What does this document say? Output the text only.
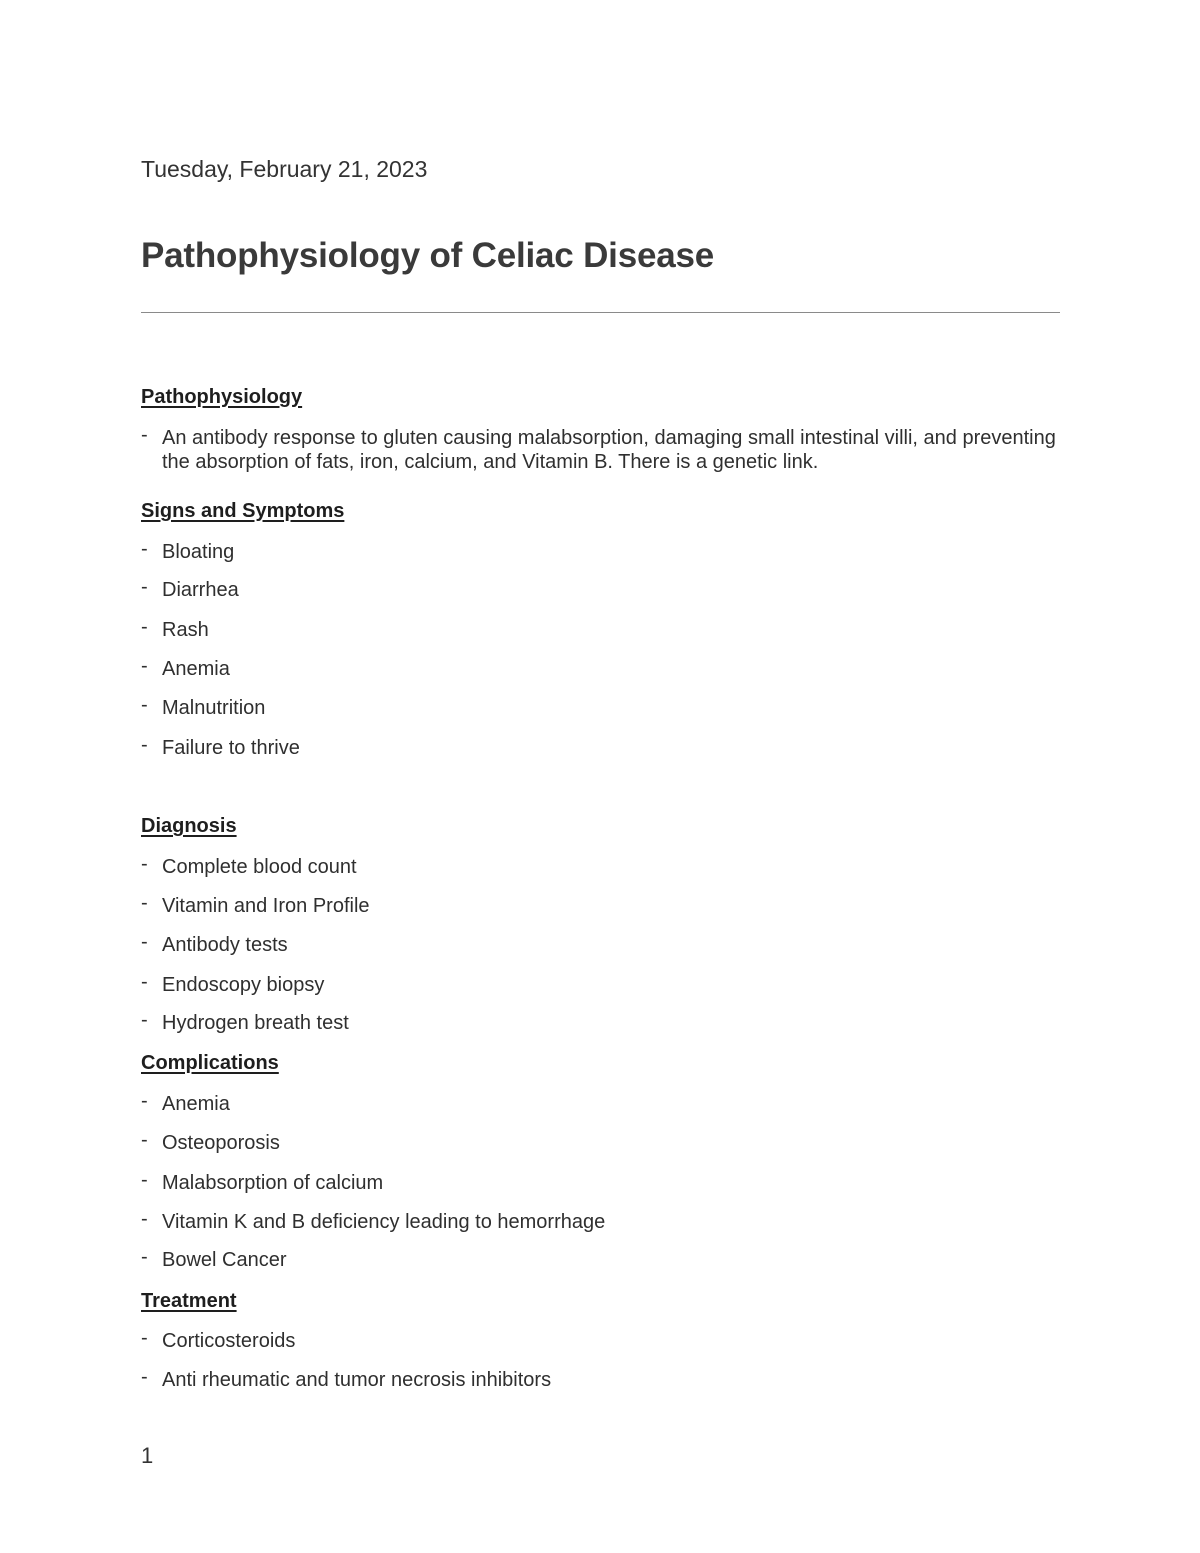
Tuesday, February 21, 2023
Pathophysiology of Celiac Disease
Pathophysiology
- An antibody response to gluten causing malabsorption, damaging small intestinal villi, and preventing the absorption of fats, iron, calcium, and Vitamin B. There is a genetic link.
Signs and Symptoms
- Bloating
- Diarrhea
- Rash
- Anemia
- Malnutrition
- Failure to thrive
Diagnosis
- Complete blood count
- Vitamin and Iron Profile
- Antibody tests
- Endoscopy biopsy
- Hydrogen breath test
Complications
- Anemia
- Osteoporosis
- Malabsorption of calcium
- Vitamin K and B deficiency leading to hemorrhage
- Bowel Cancer
Treatment
- Corticosteroids
- Anti rheumatic and tumor necrosis inhibitors
1
